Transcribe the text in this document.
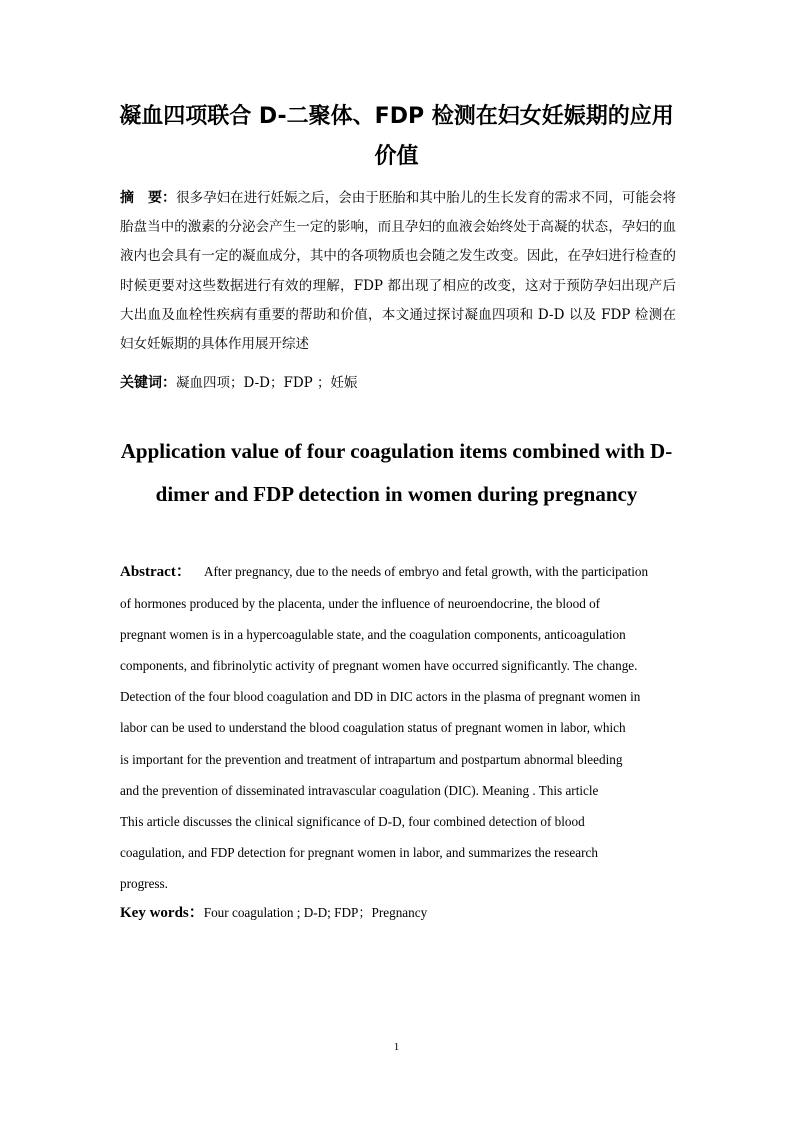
凝血四项联合 D-二聚体、FDP 检测在妇女妊娠期的应用价值

摘　要：很多孕妇在进行妊娠之后，会由于胚胎和其中胎儿的生长发育的需求不同，可能会将胎盘当中的激素的分泌会产生一定的影响，而且孕妇的血液会始终处于高凝的状态，孕妇的血液内也会具有一定的凝血成分，其中的各项物质也会随之发生改变。因此，在孕妇进行检查的时候更要对这些数据进行有效的理解，FDP 都出现了相应的改变，这对于预防孕妇出现产后大出血及血栓性疾病有重要的帮助和价值，本文通过探讨凝血四项和 D-D 以及 FDP 检测在妇女妊娠期的具体作用展开综述

关键词：凝血四项；D-D；FDP ；妊娠

Application value of four coagulation items combined with D-dimer and FDP detection in women during pregnancy
Abstract： After pregnancy, due to the needs of embryo and fetal growth, with the participation
of hormones produced by the placenta, under the influence of neuroendocrine, the blood of
pregnant women is in a hypercoagulable state, and the coagulation components, anticoagulation
components, and fibrinolytic activity of pregnant women have occurred significantly. The change.
Detection of the four blood coagulation and DD in DIC actors in the plasma of pregnant women in
labor can be used to understand the blood coagulation status of pregnant women in labor, which
is important for the prevention and treatment of intrapartum and postpartum abnormal bleeding
and the prevention of disseminated intravascular coagulation (DIC). Meaning . This article
This article discusses the clinical significance of D-D, four combined detection of blood
coagulation, and FDP detection for pregnant women in labor, and summarizes the research
progress.

Key words：Four coagulation ; D-D; FDP；Pregnancy

1
